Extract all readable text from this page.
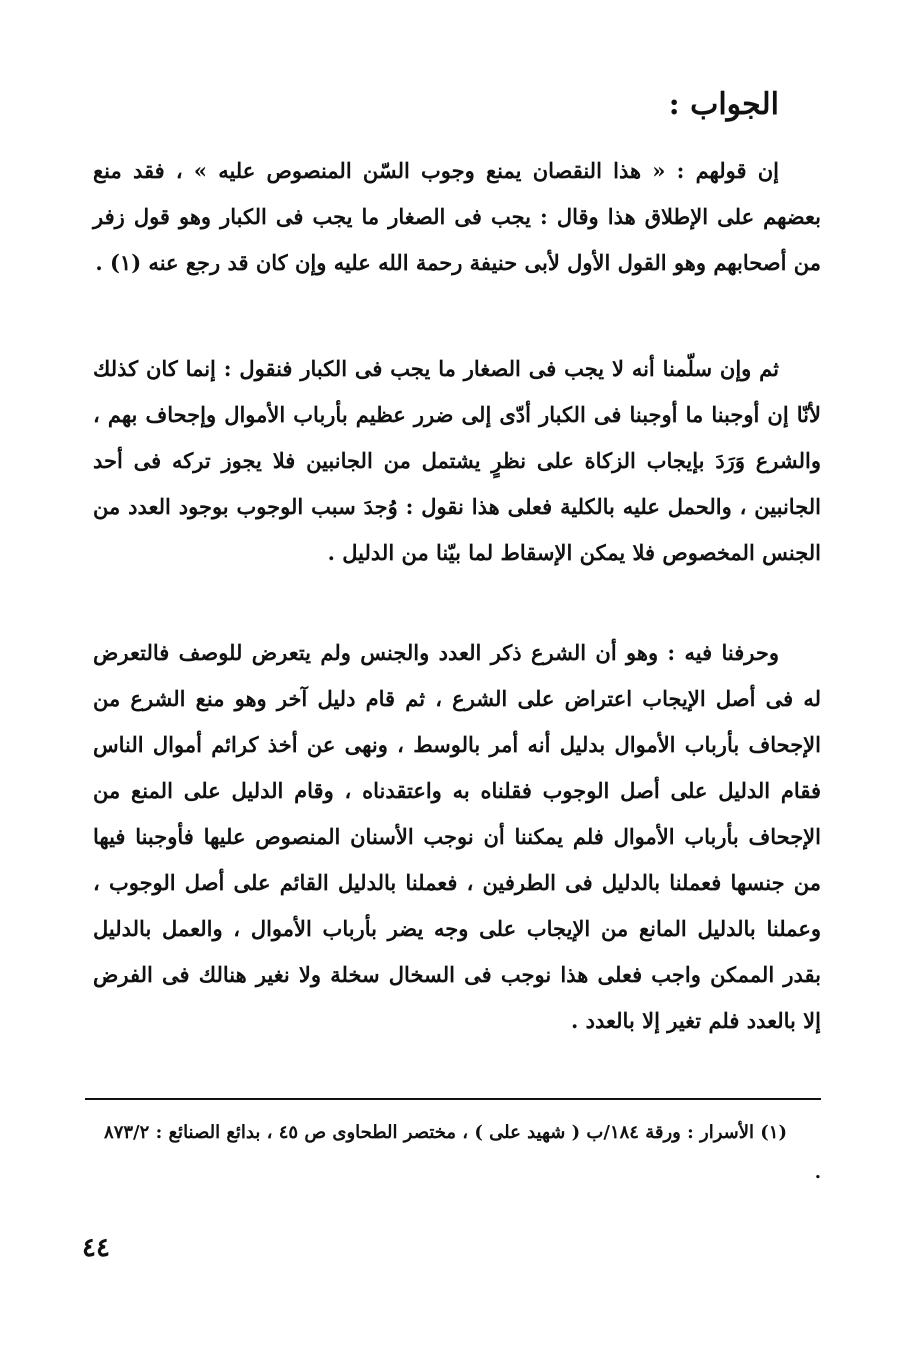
الجواب :

إن قولهم : « هذا النقصان يمنع وجوب السّن المنصوص عليه » ، فقد منع بعضهم على الإطلاق هذا وقال : يجب فى الصغار ما يجب فى الكبار وهو قول زفر من أصحابهم وهو القول الأول لأبى حنيفة رحمة الله عليه وإن كان قد رجع عنه (١) .

ثم وإن سلّمنا أنه لا يجب فى الصغار ما يجب فى الكبار فنقول : إنما كان كذلك لأنّا إن أوجبنا ما أوجبنا فى الكبار أدّى إلى ضرر عظيم بأرباب الأموال وإجحاف بهم ، والشرع وَرَدَ بإيجاب الزكاة على نظرٍ يشتمل من الجانبين فلا يجوز تركه فى أحد الجانبين ، والحمل عليه بالكلية فعلى هذا نقول : وُجدَ سبب الوجوب بوجود العدد من الجنس المخصوص فلا يمكن الإسقاط لما بيّنا من الدليل .

وحرفنا فيه : وهو أن الشرع ذكر العدد والجنس ولم يتعرض للوصف فالتعرض له فى أصل الإيجاب اعتراض على الشرع ، ثم قام دليل آخر وهو منع الشرع من الإجحاف بأرباب الأموال بدليل أنه أمر بالوسط ، ونهى عن أخذ كرائم أموال الناس فقام الدليل على أصل الوجوب فقلناه به واعتقدناه ، وقام الدليل على المنع من الإجحاف بأرباب الأموال فلم يمكننا أن نوجب الأسنان المنصوص عليها فأوجبنا فيها من جنسها فعملنا بالدليل فى الطرفين ، فعملنا بالدليل القائم على أصل الوجوب ، وعملنا بالدليل المانع من الإيجاب على وجه يضر بأرباب الأموال ، والعمل بالدليل بقدر الممكن واجب فعلى هذا نوجب فى السخال سخلة ولا نغير هنالك فى الفرض إلا بالعدد فلم تغير إلا بالعدد .

(١) الأسرار : ورقة ١٨٤/ب ( شهيد على ) ، مختصر الطحاوى ص ٤٥ ، بدائع الصنائع : ٨٧٣/٢ .

٤٤
